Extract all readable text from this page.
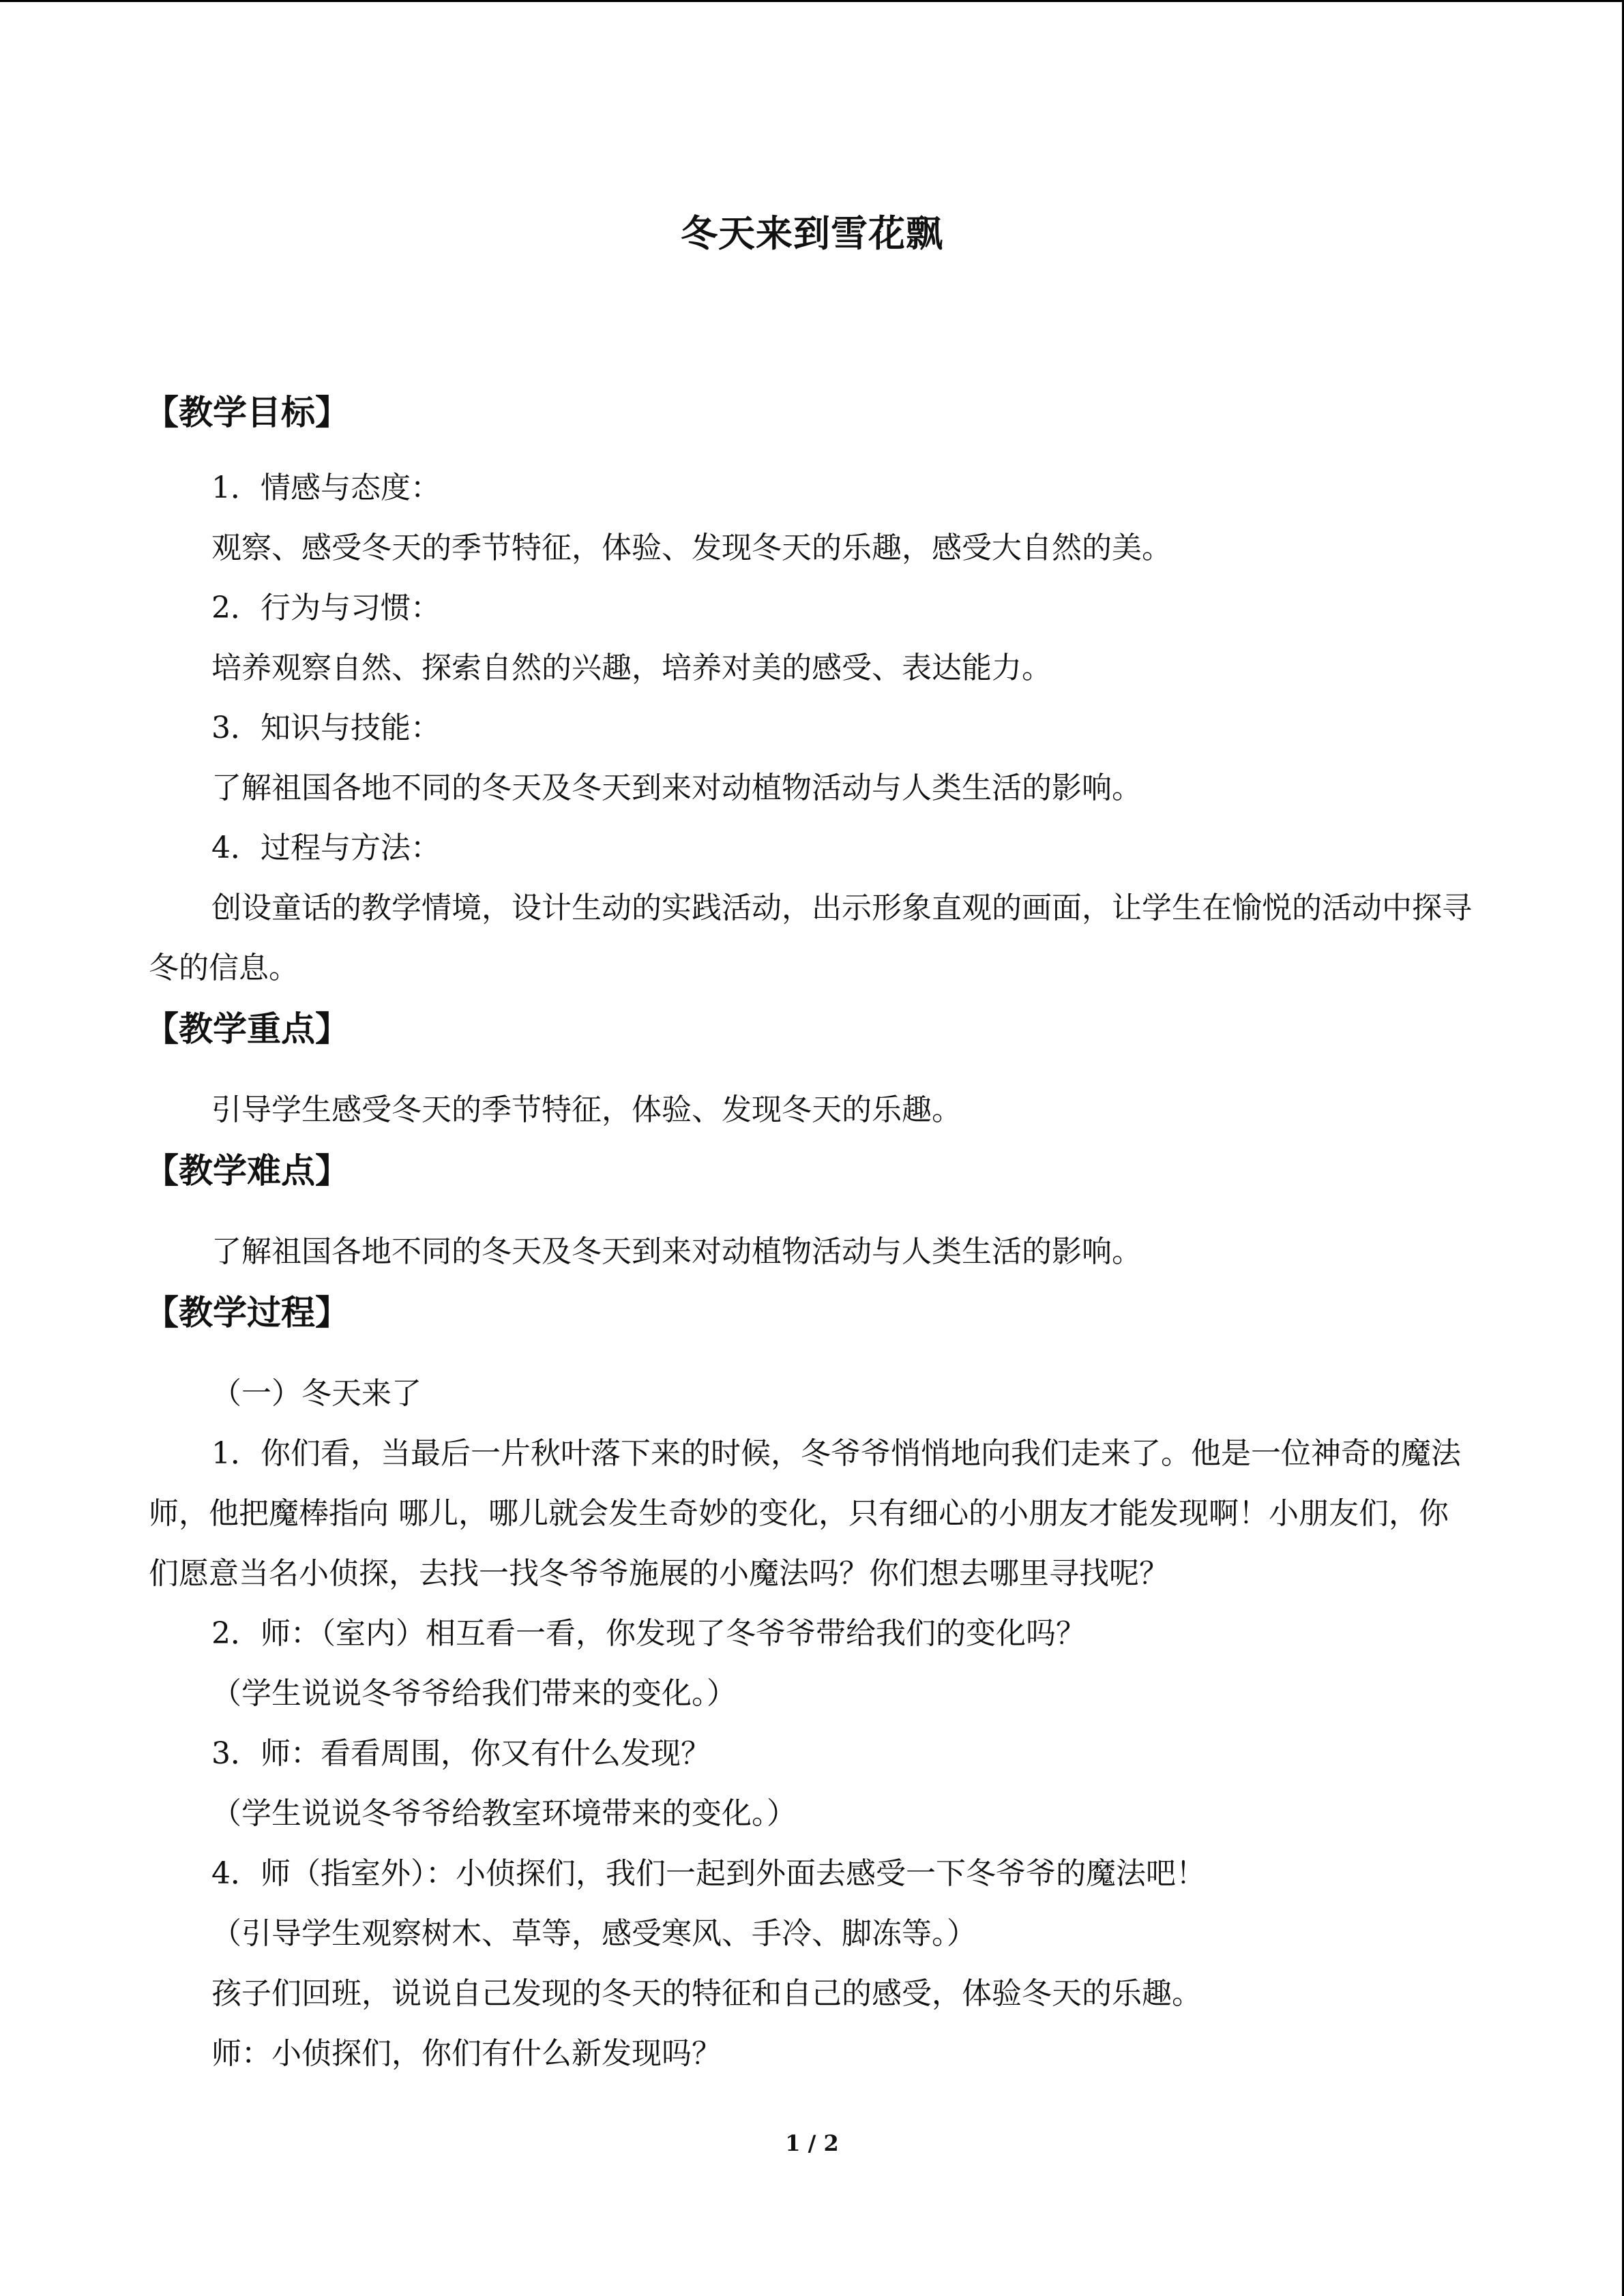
冬天来到雪花飘
【教学目标】
1．情感与态度：
观察、感受冬天的季节特征，体验、发现冬天的乐趣，感受大自然的美。
2．行为与习惯：
培养观察自然、探索自然的兴趣，培养对美的感受、表达能力。
3．知识与技能：
了解祖国各地不同的冬天及冬天到来对动植物活动与人类生活的影响。
4．过程与方法：
创设童话的教学情境，设计生动的实践活动，出示形象直观的画面，让学生在愉悦的活动中探寻冬的信息。
【教学重点】
引导学生感受冬天的季节特征，体验、发现冬天的乐趣。
【教学难点】
了解祖国各地不同的冬天及冬天到来对动植物活动与人类生活的影响。
【教学过程】
（一）冬天来了
1．你们看，当最后一片秋叶落下来的时候，冬爷爷悄悄地向我们走来了。他是一位神奇的魔法师，他把魔棒指向 哪儿，哪儿就会发生奇妙的变化，只有细心的小朋友才能发现啊！小朋友们，你们愿意当名小侦探，去找一找冬爷爷施展的小魔法吗？你们想去哪里寻找呢？
2．师：（室内）相互看一看，你发现了冬爷爷带给我们的变化吗？
（学生说说冬爷爷给我们带来的变化。）
3．师：看看周围，你又有什么发现？
（学生说说冬爷爷给教室环境带来的变化。）
4．师（指室外）：小侦探们，我们一起到外面去感受一下冬爷爷的魔法吧！
（引导学生观察树木、草等，感受寒风、手冷、脚冻等。）
孩子们回班，说说自己发现的冬天的特征和自己的感受，体验冬天的乐趣。
师：小侦探们，你们有什么新发现吗？
1 / 2
